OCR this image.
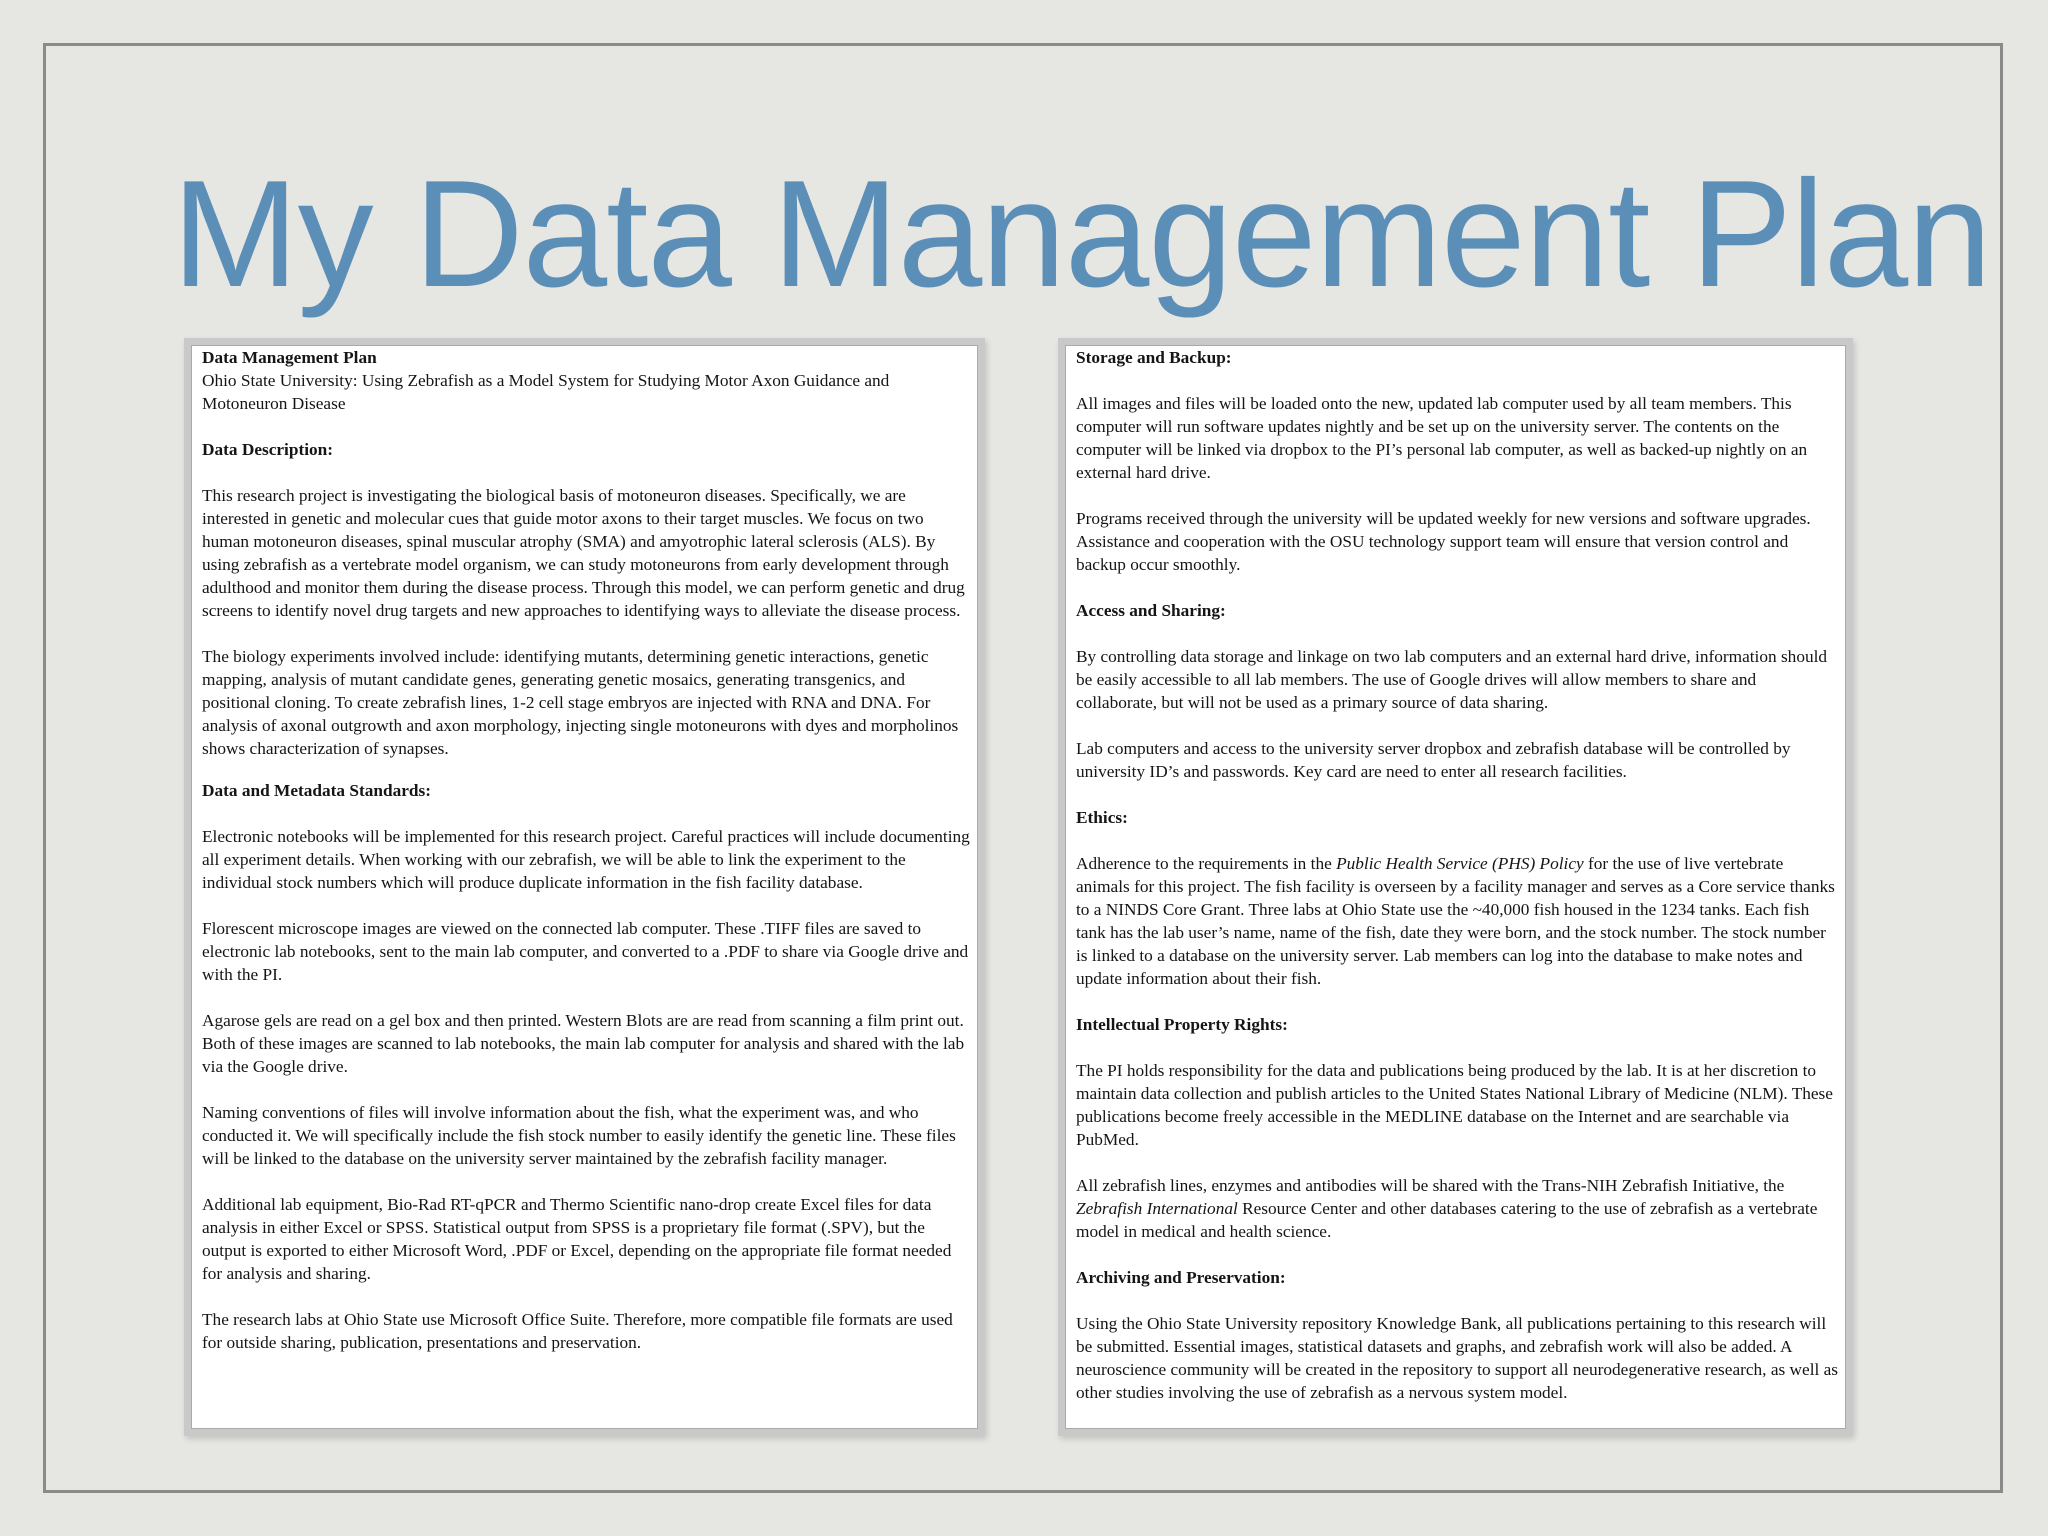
My Data Management Plan
Data Management Plan

Ohio State University: Using Zebrafish as a Model System for Studying Motor Axon Guidance and Motoneuron Disease

Data Description:

This research project is investigating the biological basis of motoneuron diseases. Specifically, we are interested in genetic and molecular cues that guide motor axons to their target muscles. We focus on two human motoneuron diseases, spinal muscular atrophy (SMA) and amyotrophic lateral sclerosis (ALS). By using zebrafish as a vertebrate model organism, we can study motoneurons from early development through adulthood and monitor them during the disease process. Through this model, we can perform genetic and drug screens to identify novel drug targets and new approaches to identifying ways to alleviate the disease process.

The biology experiments involved include: identifying mutants, determining genetic interactions, genetic mapping, analysis of mutant candidate genes, generating genetic mosaics, generating transgenics, and positional cloning. To create zebrafish lines, 1-2 cell stage embryos are injected with RNA and DNA. For analysis of axonal outgrowth and axon morphology, injecting single motoneurons with dyes and morpholinos shows characterization of synapses.

Data and Metadata Standards:

Electronic notebooks will be implemented for this research project. Careful practices will include documenting all experiment details. When working with our zebrafish, we will be able to link the experiment to the individual stock numbers which will produce duplicate information in the fish facility database.

Florescent microscope images are viewed on the connected lab computer. These .TIFF files are saved to electronic lab notebooks, sent to the main lab computer, and converted to a .PDF to share via Google drive and with the PI.

Agarose gels are read on a gel box and then printed. Western Blots are are read from scanning a film print out. Both of these images are scanned to lab notebooks, the main lab computer for analysis and shared with the lab via the Google drive.

Naming conventions of files will involve information about the fish, what the experiment was, and who conducted it. We will specifically include the fish stock number to easily identify the genetic line. These files will be linked to the database on the university server maintained by the zebrafish facility manager.

Additional lab equipment, Bio-Rad RT-qPCR and Thermo Scientific nano-drop create Excel files for data analysis in either Excel or SPSS. Statistical output from SPSS is a proprietary file format (.SPV), but the output is exported to either Microsoft Word, .PDF or Excel, depending on the appropriate file format needed for analysis and sharing.

The research labs at Ohio State use Microsoft Office Suite. Therefore, more compatible file formats are used for outside sharing, publication, presentations and preservation.

Storage and Backup:

All images and files will be loaded onto the new, updated lab computer used by all team members. This computer will run software updates nightly and be set up on the university server. The contents on the computer will be linked via dropbox to the PI’s personal lab computer, as well as backed-up nightly on an external hard drive.

Programs received through the university will be updated weekly for new versions and software upgrades. Assistance and cooperation with the OSU technology support team will ensure that version control and backup occur smoothly.

Access and Sharing:

By controlling data storage and linkage on two lab computers and an external hard drive, information should be easily accessible to all lab members. The use of Google drives will allow members to share and collaborate, but will not be used as a primary source of data sharing.

Lab computers and access to the university server dropbox and zebrafish database will be controlled by university ID’s and passwords. Key card are need to enter all research facilities.

Ethics:

Adherence to the requirements in the Public Health Service (PHS) Policy for the use of live vertebrate animals for this project. The fish facility is overseen by a facility manager and serves as a Core service thanks to a NINDS Core Grant. Three labs at Ohio State use the ~40,000 fish housed in the 1234 tanks. Each fish tank has the lab user’s name, name of the fish, date they were born, and the stock number. The stock number is linked to a database on the university server. Lab members can log into the database to make notes and update information about their fish.

Intellectual Property Rights:

The PI holds responsibility for the data and publications being produced by the lab. It is at her discretion to maintain data collection and publish articles to the United States National Library of Medicine (NLM). These publications become freely accessible in the MEDLINE database on the Internet and are searchable via PubMed.

All zebrafish lines, enzymes and antibodies will be shared with the Trans-NIH Zebrafish Initiative, the Zebrafish International Resource Center and other databases catering to the use of zebrafish as a vertebrate model in medical and health science.

Archiving and Preservation:

Using the Ohio State University repository Knowledge Bank, all publications pertaining to this research will be submitted. Essential images, statistical datasets and graphs, and zebrafish work will also be added. A neuroscience community will be created in the repository to support all neurodegenerative research, as well as other studies involving the use of zebrafish as a nervous system model.
